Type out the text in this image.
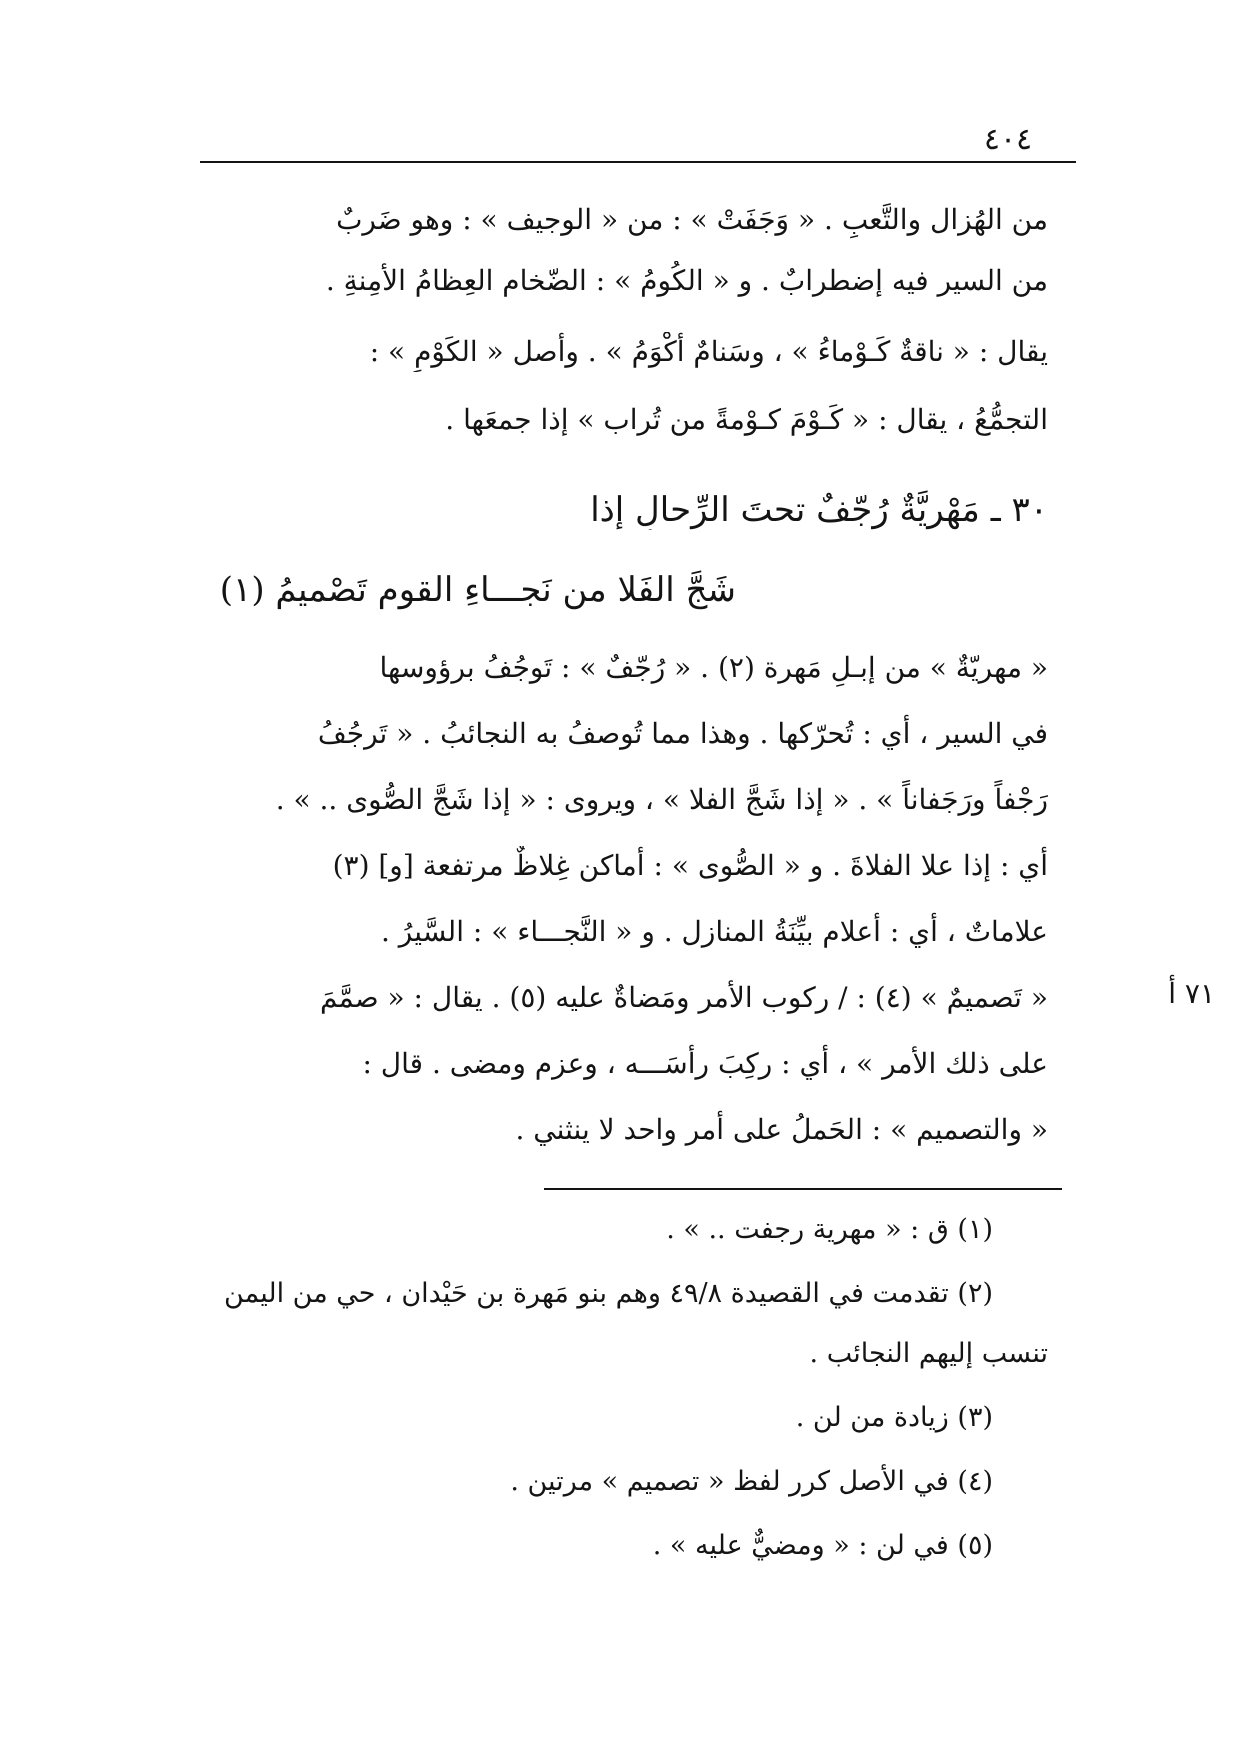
٤٠٤
من الهُزال والتَّعبِ . « وَجَفَتْ » : من « الوجيف » : وهو ضَربٌ
من السير فيه إضطرابٌ . و « الكُومُ » : الضّخام العِظامُ الأمِنةِ .
يقال : « ناقةٌ كَـوْماءُ » ، وسَنامٌ أكْوَمُ » . وأصل « الكَوْمِ » :
التجمُّعُ ، يقال : « كَـوْمَ كـوْمةً من تُراب » إذا جمعَها .
٣٠ ـ مَهْرِيَّةٌ رُجّفٌ تحتَ الرِّحالِ إذا
شَجَّ الفَلا من نَجـــاءِ القومِ تَصْميمُ (١)
« مهريّةٌ » من إبـلِ مَهرة (٢) . « رُجّفٌ » : تَوجُفُ برؤوسها
في السير ، أي : تُحرّكها . وهذا مما تُوصفُ به النجائبُ . « تَرجُفُ
رَجْفاً ورَجَفاناً » . « إذا شَجَّ الفلا » ، ويروى : « إذا شَجَّ الصُّوى .. » .
أي : إذا علا الفلاةَ . و « الصُّوى » : أماكن غِلاظٌ مرتفعة [و] (٣)
علاماتٌ ، أي : أعلام بيِّنَةُ المنازل . و « النَّجـــاء » : السَّيرُ .
« تَصميمٌ » (٤) : / ركوب الأمر ومَضاةٌ عليه (٥) . يقال : « صمَّمَ
على ذلك الأمر » ، أي : ركِبَ رأسَـــه ، وعزم ومضى . قال :
« والتصميم » : الحَملُ على أمر واحد لا ينثني .
٧١ أ
(١) ق : « مهرية رجفت .. » .
(٢) تقدمت في القصيدة ٤٩/٨ وهم بنو مَهرة بن حَيْدان ، حي من اليمن
تنسب إليهم النجائب .
(٣) زيادة من لن .
(٤) في الأصل كرر لفظ « تصميم » مرتين .
(٥) في لن : « ومضيٌّ عليه » .
